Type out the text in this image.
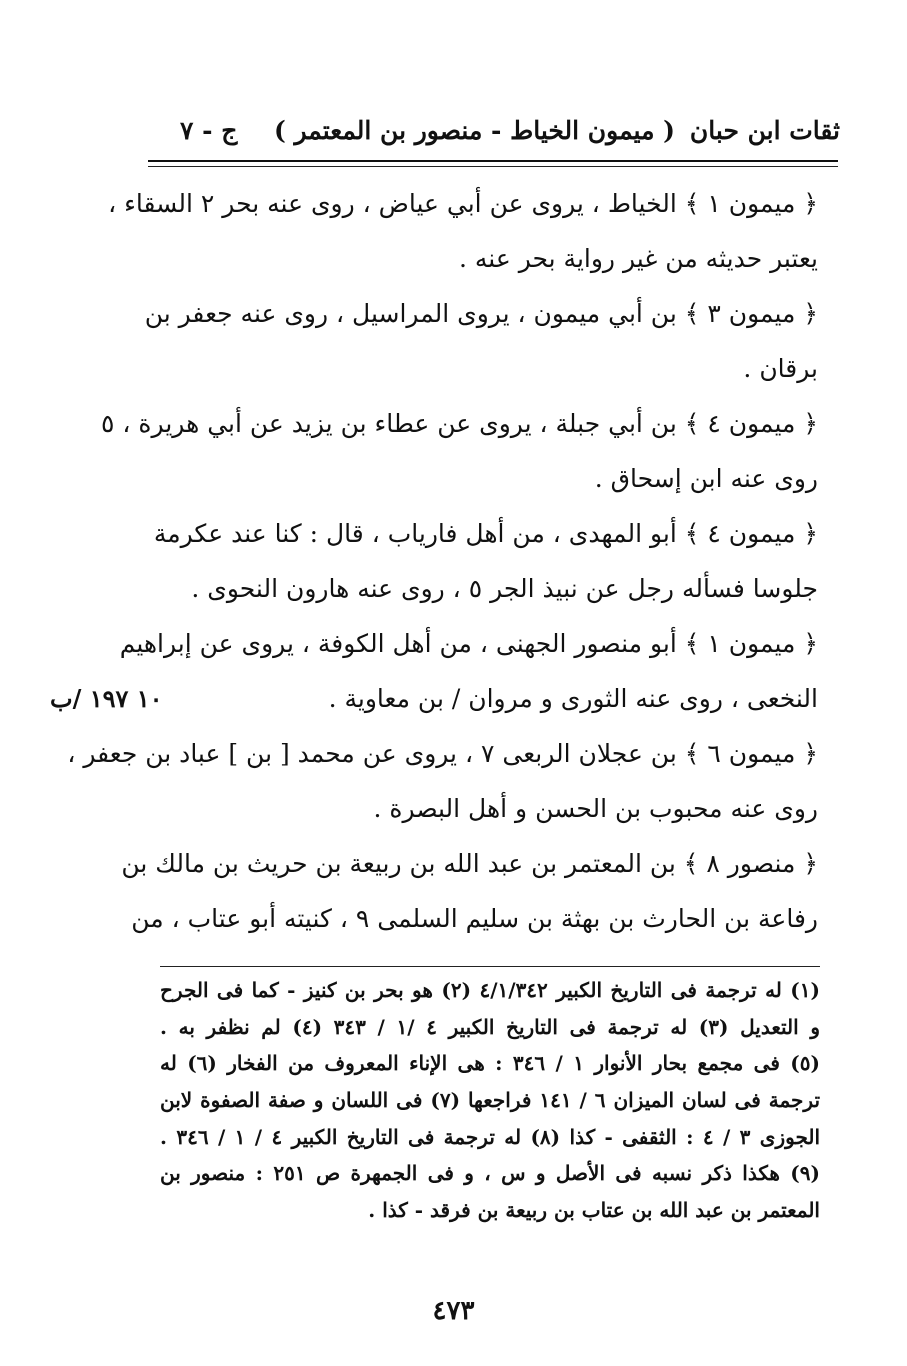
ثقات ابن حبان
( ميمون الخياط - منصور بن المعتمر )
ج - ٧
﴿ ميمون ١ ﴾ الخياط ، يروى عن أبي عياض ، روى عنه بحر ٢ السقاء ،
يعتبر حديثه من غير رواية بحر عنه .
﴿ ميمون ٣ ﴾ بن أبي ميمون ، يروى المراسيل ، روى عنه جعفر بن
برقان .
﴿ ميمون ٤ ﴾ بن أبي جبلة ، يروى عن عطاء بن يزيد عن أبي هريرة ، ٥
روى عنه ابن إسحاق .
﴿ ميمون ٤ ﴾ أبو المهدى ، من أهل فارياب ، قال : كنا عند عكرمة
جلوسا فسأله رجل عن نبيذ الجر ٥ ، روى عنه هارون النحوى .
﴿ ميمون ١ ﴾ أبو منصور الجهنى ، من أهل الكوفة ، يروى عن إبراهيم
النخعى ، روى عنه الثورى و مروان / بن معاوية .
﴿ ميمون ٦ ﴾ بن عجلان الربعى ٧ ، يروى عن محمد [ بن ] عباد بن جعفر ،
روى عنه محبوب بن الحسن و أهل البصرة .
﴿ منصور ٨ ﴾ بن المعتمر بن عبد الله بن ربيعة بن حريث بن مالك بن
رفاعة بن الحارث بن بهثة بن سليم السلمى ٩ ، كنيته أبو عتاب ، من
١٠ ١٩٧ /ب
(١) له ترجمة فى التاريخ الكبير ٤/١/٣٤٢ (٢) هو بحر بن كنيز - كما فى الجرح
و التعديل (٣) له ترجمة فى التاريخ الكبير ٤ /١ / ٣٤٣ (٤) لم نظفر به .
(٥) فى مجمع بحار الأنوار ١ / ٣٤٦ : هى الإناء المعروف من الفخار (٦) له
ترجمة فى لسان الميزان ٦ / ١٤١ فراجعها (٧) فى اللسان و صفة الصفوة لابن
الجوزى ٣ / ٤ : الثقفى - كذا (٨) له ترجمة فى التاريخ الكبير ٤ / ١ / ٣٤٦ .
(٩) هكذا ذكر نسبه فى الأصل و س ، و فى الجمهرة ص ٢٥١ : منصور بن
المعتمر بن عبد الله بن عتاب بن ربيعة بن فرقد - كذا .
٤٧٣
